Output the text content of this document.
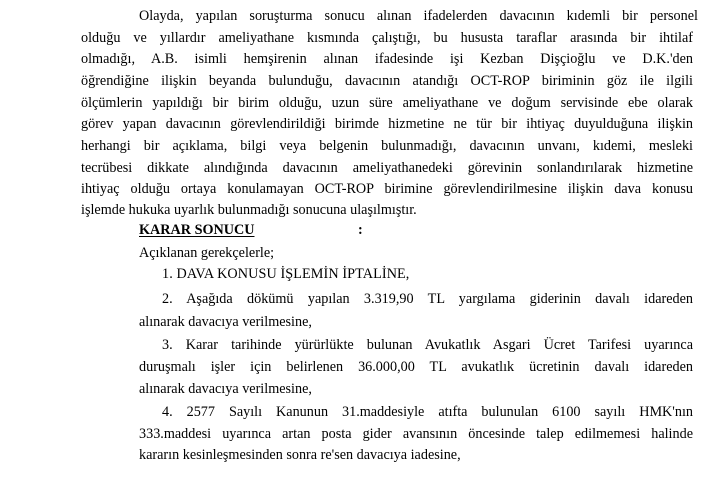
Olayda, yapılan soruşturma sonucu alınan ifadelerden davacının kıdemli bir personel
olduğu ve yıllardır ameliyathane kısmında çalıştığı, bu hususta taraflar arasında bir ihtilaf
olmadığı, A.B. isimli hemşirenin alınan ifadesinde işi Kezban Dişçioğlu ve D.K.'den
öğrendiğine ilişkin beyanda bulunduğu, davacının atandığı OCT-ROP biriminin göz ile ilgili
ölçümlerin yapıldığı bir birim olduğu, uzun süre ameliyathane ve doğum servisinde ebe olarak
görev yapan davacının görevlendirildiği birimde hizmetine ne tür bir ihtiyaç duyulduğuna ilişkin
herhangi bir açıklama, bilgi veya belgenin bulunmadığı, davacının unvanı, kıdemi, mesleki
tecrübesi dikkate alındığında davacının ameliyathanedeki görevinin sonlandırılarak hizmetine
ihtiyaç olduğu ortaya konulamayan OCT-ROP birimine görevlendirilmesine ilişkin dava konusu
işlemde hukuka uyarlık bulunmadığı sonucuna ulaşılmıştır.
KARAR SONUCU	:
Açıklanan gerekçelerle;
1. DAVA KONUSU İŞLEMİN İPTALİNE,
2. Aşağıda dökümü yapılan 3.319,90 TL yargılama giderinin davalı idareden
alınarak davacıya verilmesine,
3. Karar tarihinde yürürlükte bulunan Avukatlık Asgari Ücret Tarifesi uyarınca
duruşmalı işler için belirlenen 36.000,00 TL avukatlık ücretinin davalı idareden
alınarak davacıya verilmesine,
4. 2577 Sayılı Kanunun 31.maddesiyle atıfta bulunulan 6100 sayılı HMK'nın
333.maddesi uyarınca artan posta gider avansının öncesinde talep edilmemesi halinde
kararın kesinleşmesinden sonra re'sen davacıya iadesine,
